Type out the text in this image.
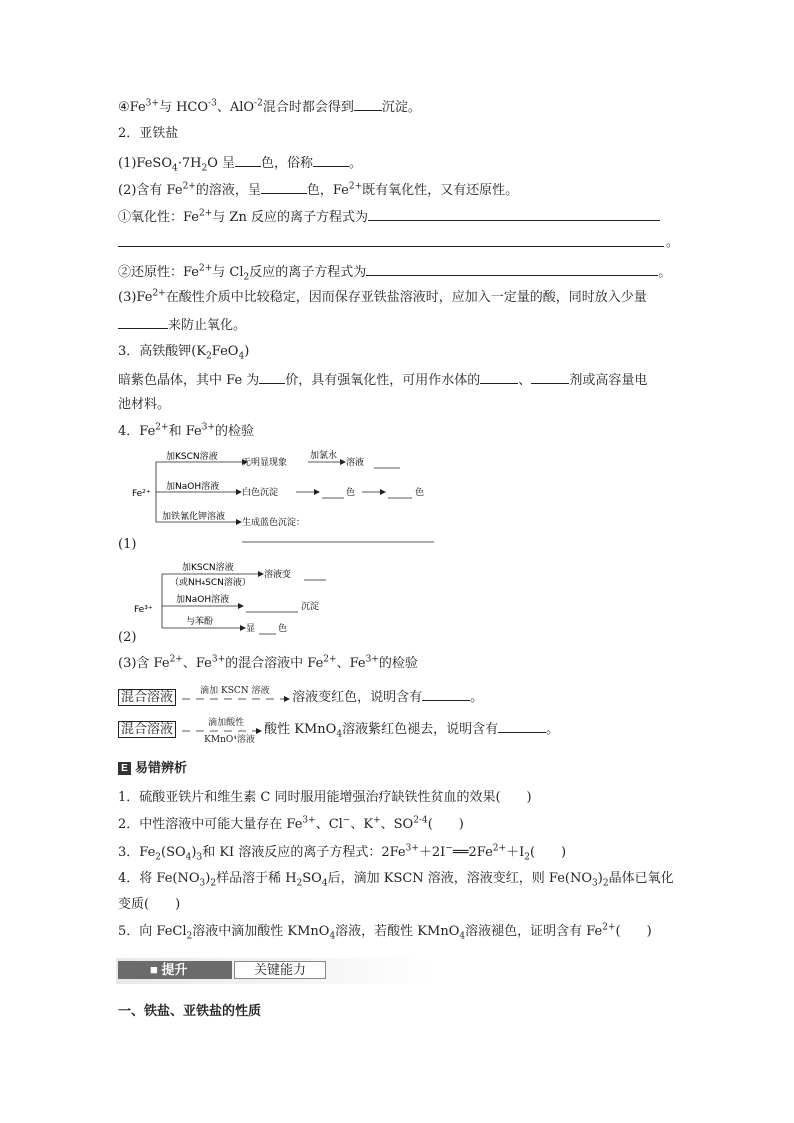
$④Fe^{3+}$与 $HCO^{-3}$、AlO$^{-2}$混合时都会得到 沉淀。
2．亚铁盐
$(1)FeSO_4\cdot 7H_2O$ 呈 色，俗称	。
(2)含有 $Fe^{2+}$的溶液，呈	色，$Fe^{2+}$既有氧化性，又有还原性。
①氧化性：$Fe^{2+}$与 Zn 反应的离子方程式为
。
②还原性：$Fe^{2+}$与 $Cl_2$反应的离子方程式为	。
$(3)Fe^{2+}$在酸性介质中比较稳定，因而保存亚铁盐溶液时，应加入一定量的酸，同时放入少量
来防止氧化。
3．高铁酸钾$(K_2FeO_4)$
暗紫色晶体，其中 Fe 为 价，具有强氧化性，可用作水体的	、	剂或高容量电
池材料。
4．$Fe^{2+}$和 $Fe^{3+}$的检验
Fe²⁺
加KSCN溶液
无明显现象
加氯水
溶液
加NaOH溶液
白色沉淀	色	色
加铁氰化钾溶液
生成蓝色沉淀：
(1)
Fe³⁺
加KSCN溶液
（或NH₄SCN溶液）
溶液变
加NaOH溶液
沉淀
与苯酚
显	色
(2)
(3)含 $Fe^{2+}$、$Fe^{3+}$的混合溶液中 $Fe^{2+}$、$Fe^{3+}$的检验
混合溶液	滴加 KSCN 溶液 溶液变红色，说明含有	。
混合溶液	滴加酸性
KMnO⁴溶液
酸性 KMnO$_4$溶液紫红色褪去，说明含有	。
E 易错辨析
1．硫酸亚铁片和维生素 C 同时服用能增强治疗缺铁性贫血的效果(　　)
2．中性溶液中可能大量存在 $Fe^{3+}$、Cl−、K+、SO$^{2-4}$(　　)
3．$Fe_2(SO_4)_3$和 KI 溶液反应的离子方程式：$2Fe^{3+}+2I^-══2Fe^{2+}+I_2$(　　)
4．将 $Fe(NO_3)_2$样品溶于稀 $H_2SO_4$后，滴加 KSCN 溶液，溶液变红，则 $Fe(NO_3)_2$晶体已氧化
变质(　　)
5．向 FeCl$_2$溶液中滴加酸性 KMnO$_4$溶液，若酸性 KMnO$_4$溶液褪色，证明含有 $Fe^{2+}$(　　)
■ 提升	关键能力
一、铁盐、亚铁盐的性质
